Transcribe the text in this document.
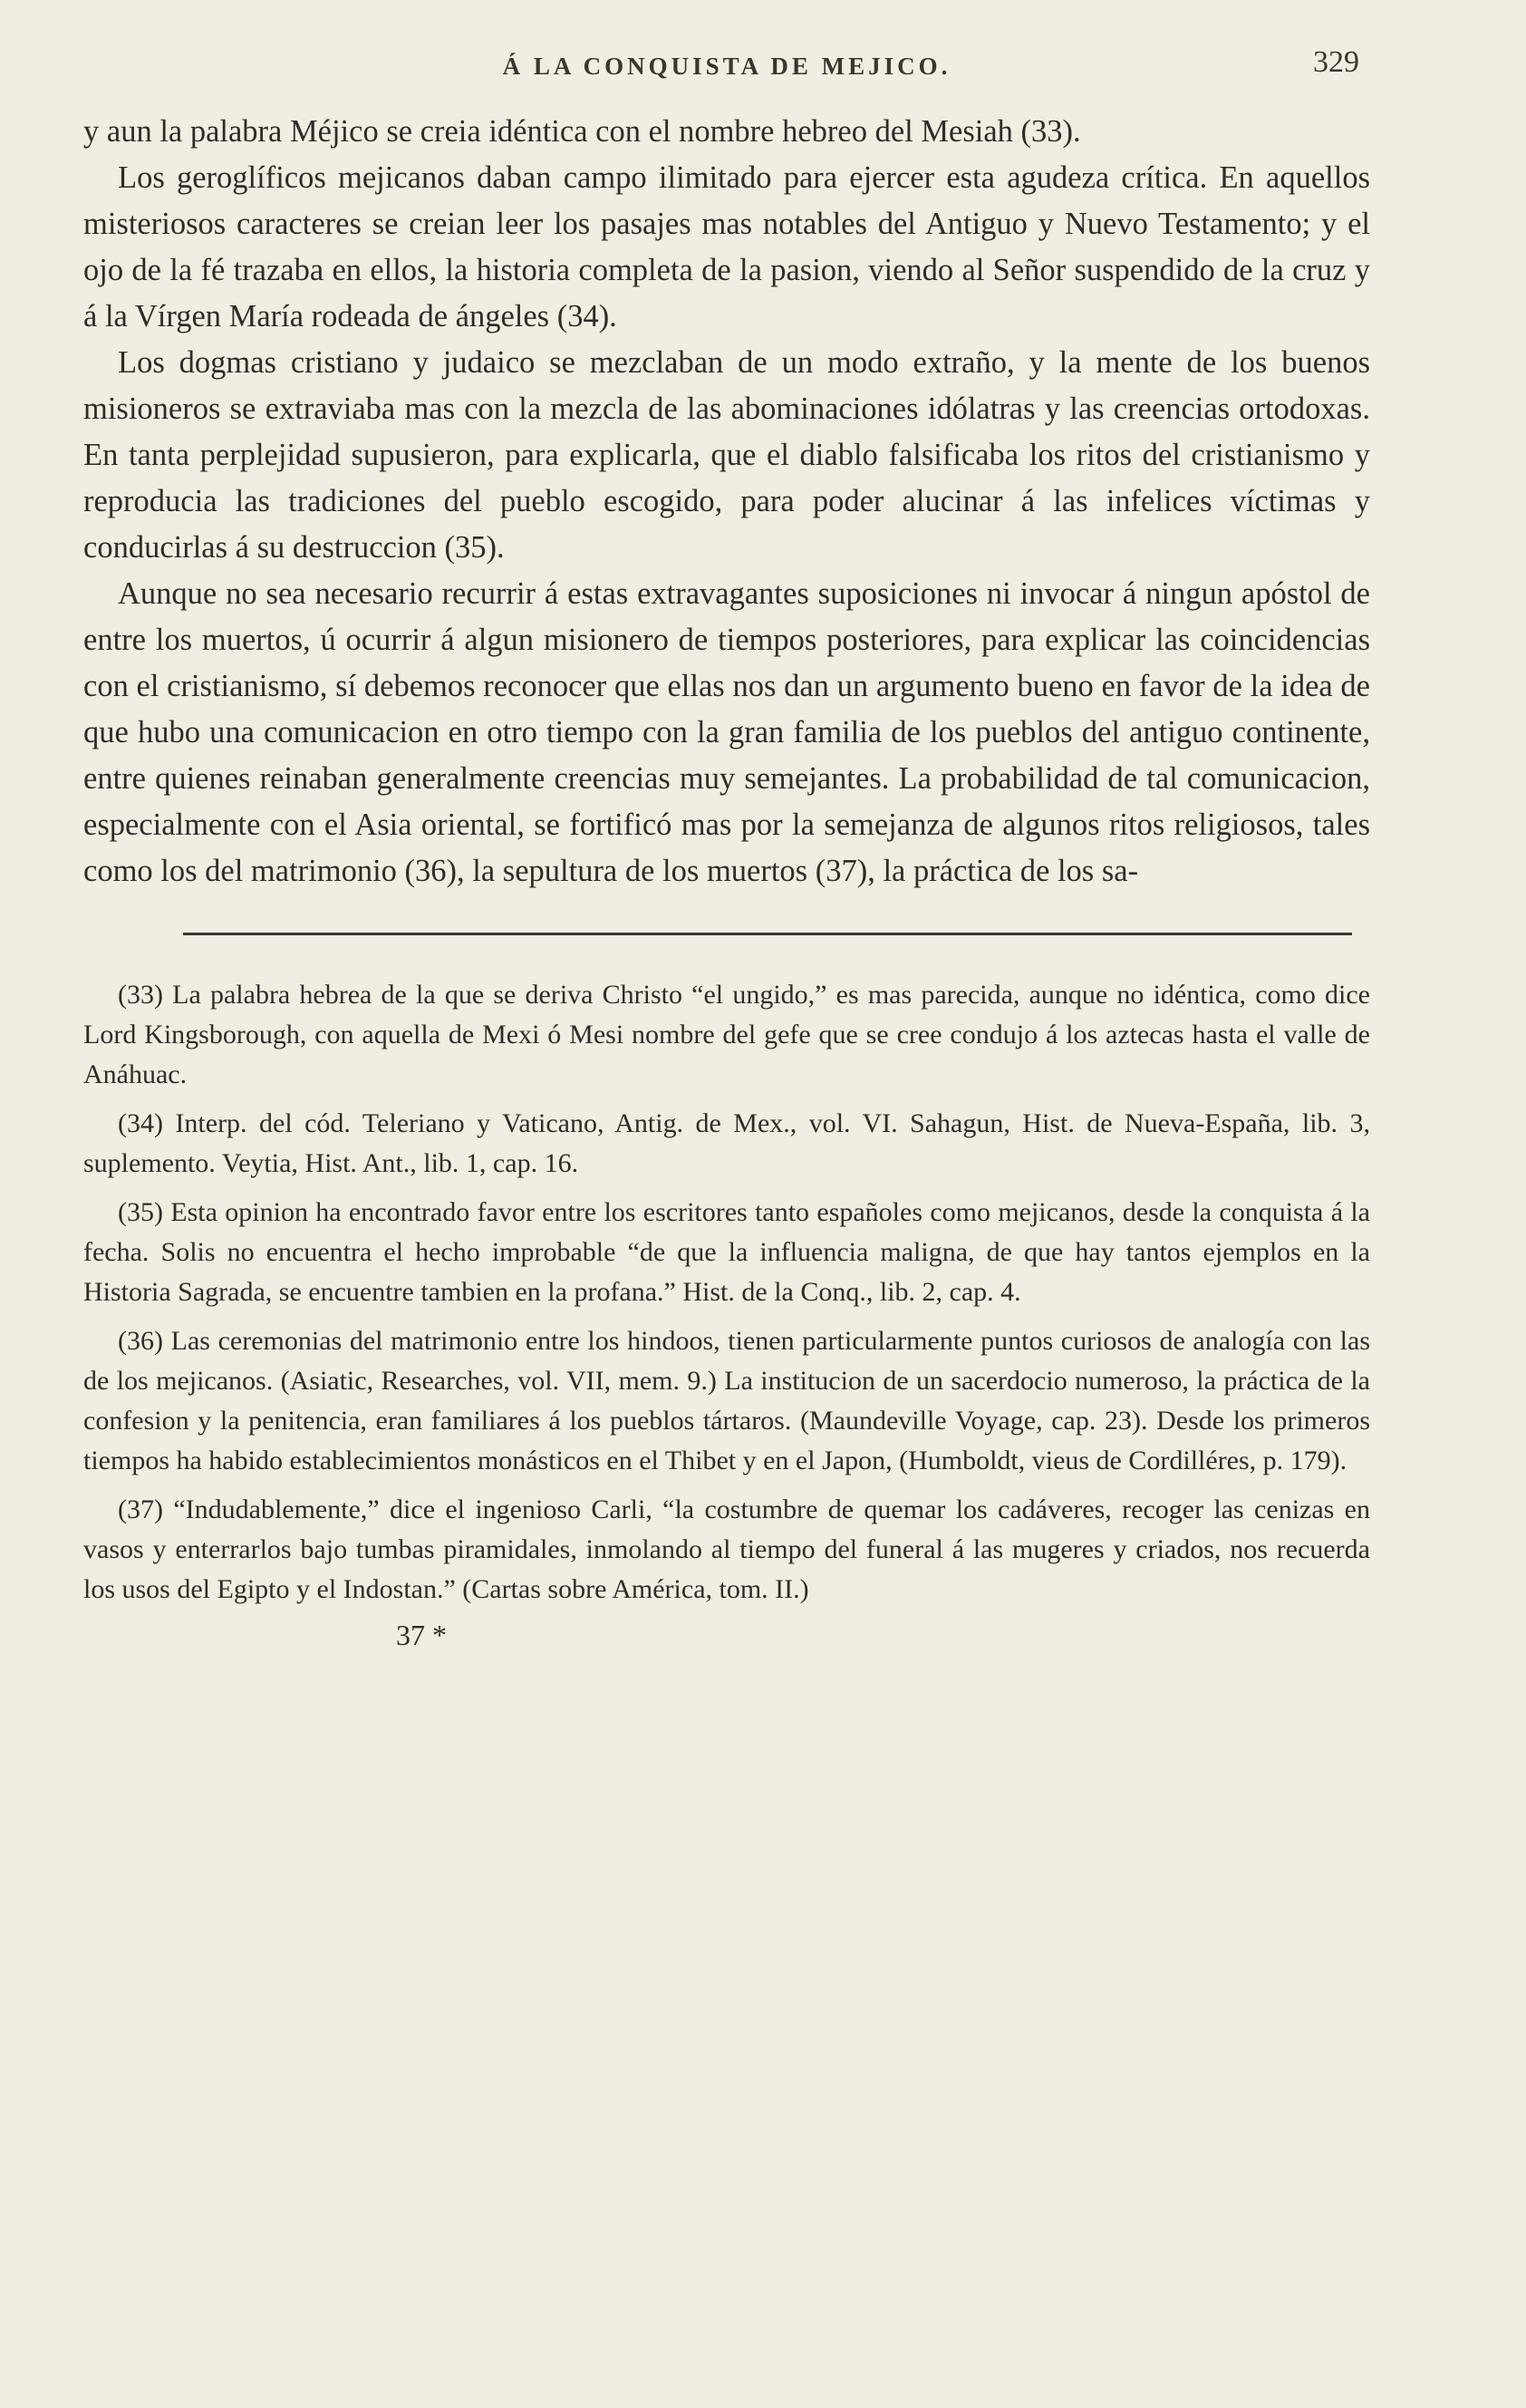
Á LA CONQUISTA DE MEJICO.	329

y aun la palabra Méjico se creia idéntica con el nombre hebreo del Mesiah (33).

Los geroglíficos mejicanos daban campo ilimitado para ejercer esta agudeza crítica. En aquellos misteriosos caracteres se creian leer los pasajes mas notables del Antiguo y Nuevo Testamento; y el ojo de la fé trazaba en ellos, la historia completa de la pasion, viendo al Señor suspendido de la cruz y á la Vírgen María rodeada de ángeles (34).

Los dogmas cristiano y judaico se mezclaban de un modo extraño, y la mente de los buenos misioneros se extraviaba mas con la mezcla de las abominaciones idólatras y las creencias ortodoxas. En tanta perplejidad supusieron, para explicarla, que el diablo falsificaba los ritos del cristianismo y reproducia las tradiciones del pueblo escogido, para poder alucinar á las infelices víctimas y conducirlas á su destruccion (35).

Aunque no sea necesario recurrir á estas extravagantes suposiciones ni invocar á ningun apóstol de entre los muertos, ú ocurrir á algun misionero de tiempos posteriores, para explicar las coincidencias con el cristianismo, sí debemos reconocer que ellas nos dan un argumento bueno en favor de la idea de que hubo una comunicacion en otro tiempo con la gran familia de los pueblos del antiguo continente, entre quienes reinaban generalmente creencias muy semejantes. La probabilidad de tal comunicacion, especialmente con el Asia oriental, se fortificó mas por la semejanza de algunos ritos religiosos, tales como los del matrimonio (36), la sepultura de los muertos (37), la práctica de los sa-

(33) La palabra hebrea de la que se deriva Christo “el ungido,” es mas parecida, aunque no idéntica, como dice Lord Kingsborough, con aquella de Mexi ó Mesi nombre del gefe que se cree condujo á los aztecas hasta el valle de Anáhuac.

(34) Interp. del cód. Teleriano y Vaticano, Antig. de Mex., vol. VI. Sahagun, Hist. de Nueva-España, lib. 3, suplemento. Veytia, Hist. Ant., lib. 1, cap. 16.

(35) Esta opinion ha encontrado favor entre los escritores tanto españoles como mejicanos, desde la conquista á la fecha. Solis no encuentra el hecho improbable “de que la influencia maligna, de que hay tantos ejemplos en la Historia Sagrada, se encuentre tambien en la profana.” Hist. de la Conq., lib. 2, cap. 4.

(36) Las ceremonias del matrimonio entre los hindoos, tienen particularmente puntos curiosos de analogía con las de los mejicanos. (Asiatic, Researches, vol. VII, mem. 9.) La institucion de un sacerdocio numeroso, la práctica de la confesion y la penitencia, eran familiares á los pueblos tártaros. (Maundeville Voyage, cap. 23). Desde los primeros tiempos ha habido establecimientos monásticos en el Thibet y en el Japon, (Humboldt, vieus de Cordilléres, p. 179).

(37) “Indudablemente,” dice el ingenioso Carli, “la costumbre de quemar los cadáveres, recoger las cenizas en vasos y enterrarlos bajo tumbas piramidales, inmolando al tiempo del funeral á las mugeres y criados, nos recuerda los usos del Egipto y el Indostan.” (Cartas sobre América, tom. II.)

37 *
